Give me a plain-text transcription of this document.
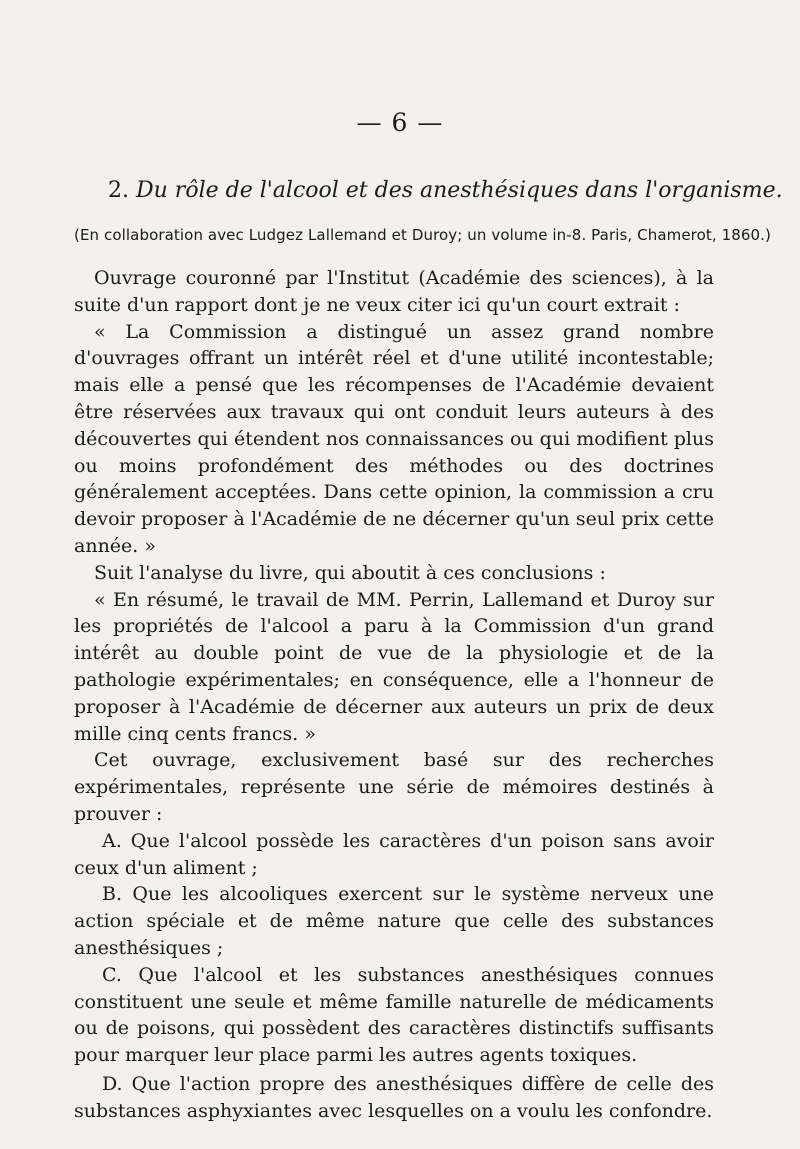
— 6 —
2. Du rôle de l'alcool et des anesthésiques dans l'organisme.
(En collaboration avec Ludgez Lallemand et Duroy; un volume in-8. Paris, Chamerot, 1860.)

Ouvrage couronné par l'Institut (Académie des sciences), à la suite d'un rapport dont je ne veux citer ici qu'un court extrait :

« La Commission a distingué un assez grand nombre d'ouvrages offrant un intérêt réel et d'une utilité incontestable; mais elle a pensé que les récompenses de l'Académie devaient être réservées aux travaux qui ont conduit leurs auteurs à des découvertes qui étendent nos connaissances ou qui modifient plus ou moins profondément des méthodes ou des doctrines généralement acceptées. Dans cette opinion, la commission a cru devoir proposer à l'Académie de ne décerner qu'un seul prix cette année. »

Suit l'analyse du livre, qui aboutit à ces conclusions :

« En résumé, le travail de MM. Perrin, Lallemand et Duroy sur les propriétés de l'alcool a paru à la Commission d'un grand intérêt au double point de vue de la physiologie et de la pathologie expérimentales; en conséquence, elle a l'honneur de proposer à l'Académie de décerner aux auteurs un prix de deux mille cinq cents francs. »

Cet ouvrage, exclusivement basé sur des recherches expérimentales, représente une série de mémoires destinés à prouver :

A. Que l'alcool possède les caractères d'un poison sans avoir ceux d'un aliment ;

B. Que les alcooliques exercent sur le système nerveux une action spéciale et de même nature que celle des substances anesthésiques ;

C. Que l'alcool et les substances anesthésiques connues constituent une seule et même famille naturelle de médicaments ou de poisons, qui possèdent des caractères distinctifs suffisants pour marquer leur place parmi les autres agents toxiques.

D. Que l'action propre des anesthésiques diffère de celle des substances asphyxiantes avec lesquelles on a voulu les confondre.
